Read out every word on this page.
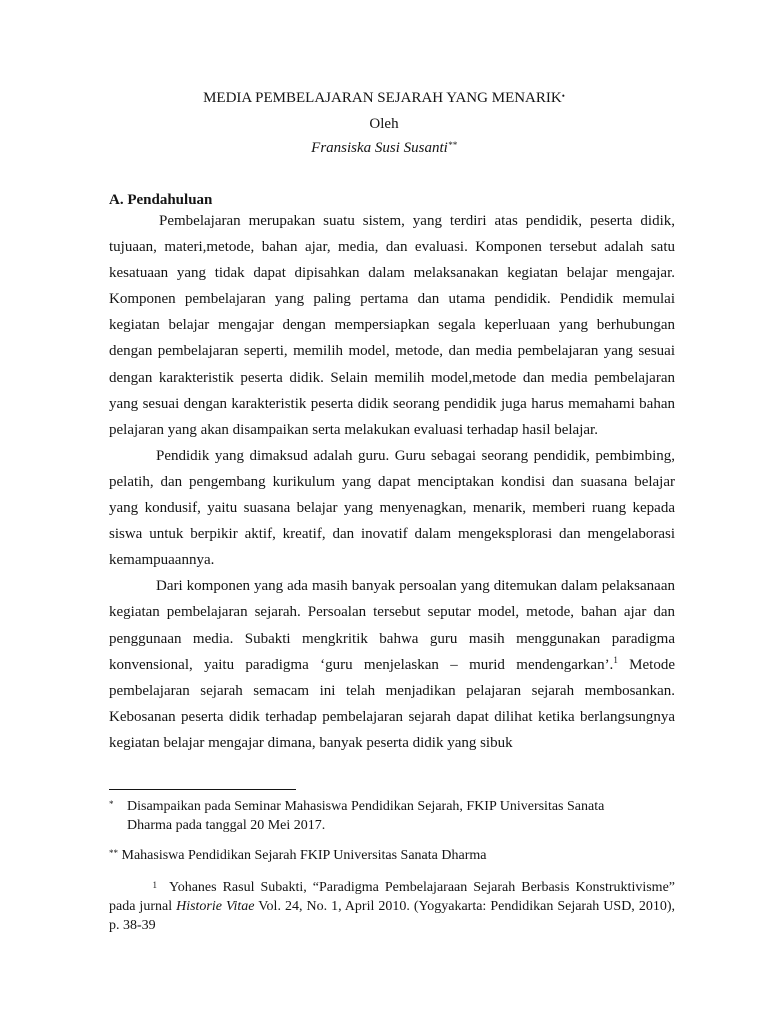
MEDIA PEMBELAJARAN SEJARAH YANG MENARIK•
Oleh
Fransiska Susi Susanti**
A. Pendahuluan

Pembelajaran merupakan suatu sistem, yang terdiri atas pendidik, peserta didik, tujuaan, materi,metode, bahan ajar, media, dan evaluasi. Komponen tersebut adalah satu kesatuaan yang tidak dapat dipisahkan dalam melaksanakan kegiatan belajar mengajar. Komponen pembelajaran yang paling pertama dan utama pendidik. Pendidik memulai kegiatan belajar mengajar dengan mempersiapkan segala keperluaan yang berhubungan dengan pembelajaran seperti, memilih model, metode, dan media pembelajaran yang sesuai dengan karakteristik peserta didik. Selain memilih model,metode dan media pembelajaran yang sesuai dengan karakteristik peserta didik seorang pendidik juga harus memahami bahan pelajaran yang akan disampaikan serta melakukan evaluasi terhadap hasil belajar.

Pendidik yang dimaksud adalah guru. Guru sebagai seorang pendidik, pembimbing, pelatih, dan pengembang kurikulum yang dapat menciptakan kondisi dan suasana belajar yang kondusif, yaitu suasana belajar yang menyenagkan, menarik, memberi ruang kepada siswa untuk berpikir aktif, kreatif, dan inovatif dalam mengeksplorasi dan mengelaborasi kemampuaannya.

Dari komponen yang ada masih banyak persoalan yang ditemukan dalam pelaksanaan kegiatan pembelajaran sejarah. Persoalan tersebut seputar model, metode, bahan ajar dan penggunaan media. Subakti mengkritik bahwa guru masih menggunakan paradigma konvensional, yaitu paradigma ‘guru menjelaskan – murid mendengarkan’.$^1$ Metode pembelajaran sejarah semacam ini telah menjadikan pelajaran sejarah membosankan. Kebosanan peserta didik terhadap pembelajaran sejarah dapat dilihat ketika berlangsungnya kegiatan belajar mengajar dimana, banyak peserta didik yang sibuk

* Disampaikan pada Seminar Mahasiswa Pendidikan Sejarah, FKIP Universitas Sanata
Dharma pada tanggal 20 Mei 2017.
** Mahasiswa Pendidikan Sejarah FKIP Universitas Sanata Dharma
1 Yohanes Rasul Subakti, “Paradigma Pembelajaraan Sejarah Berbasis Konstruktivisme” pada jurnal Historie Vitae Vol. 24, No. 1, April 2010. (Yogyakarta: Pendidikan Sejarah USD, 2010), p. 38-39
